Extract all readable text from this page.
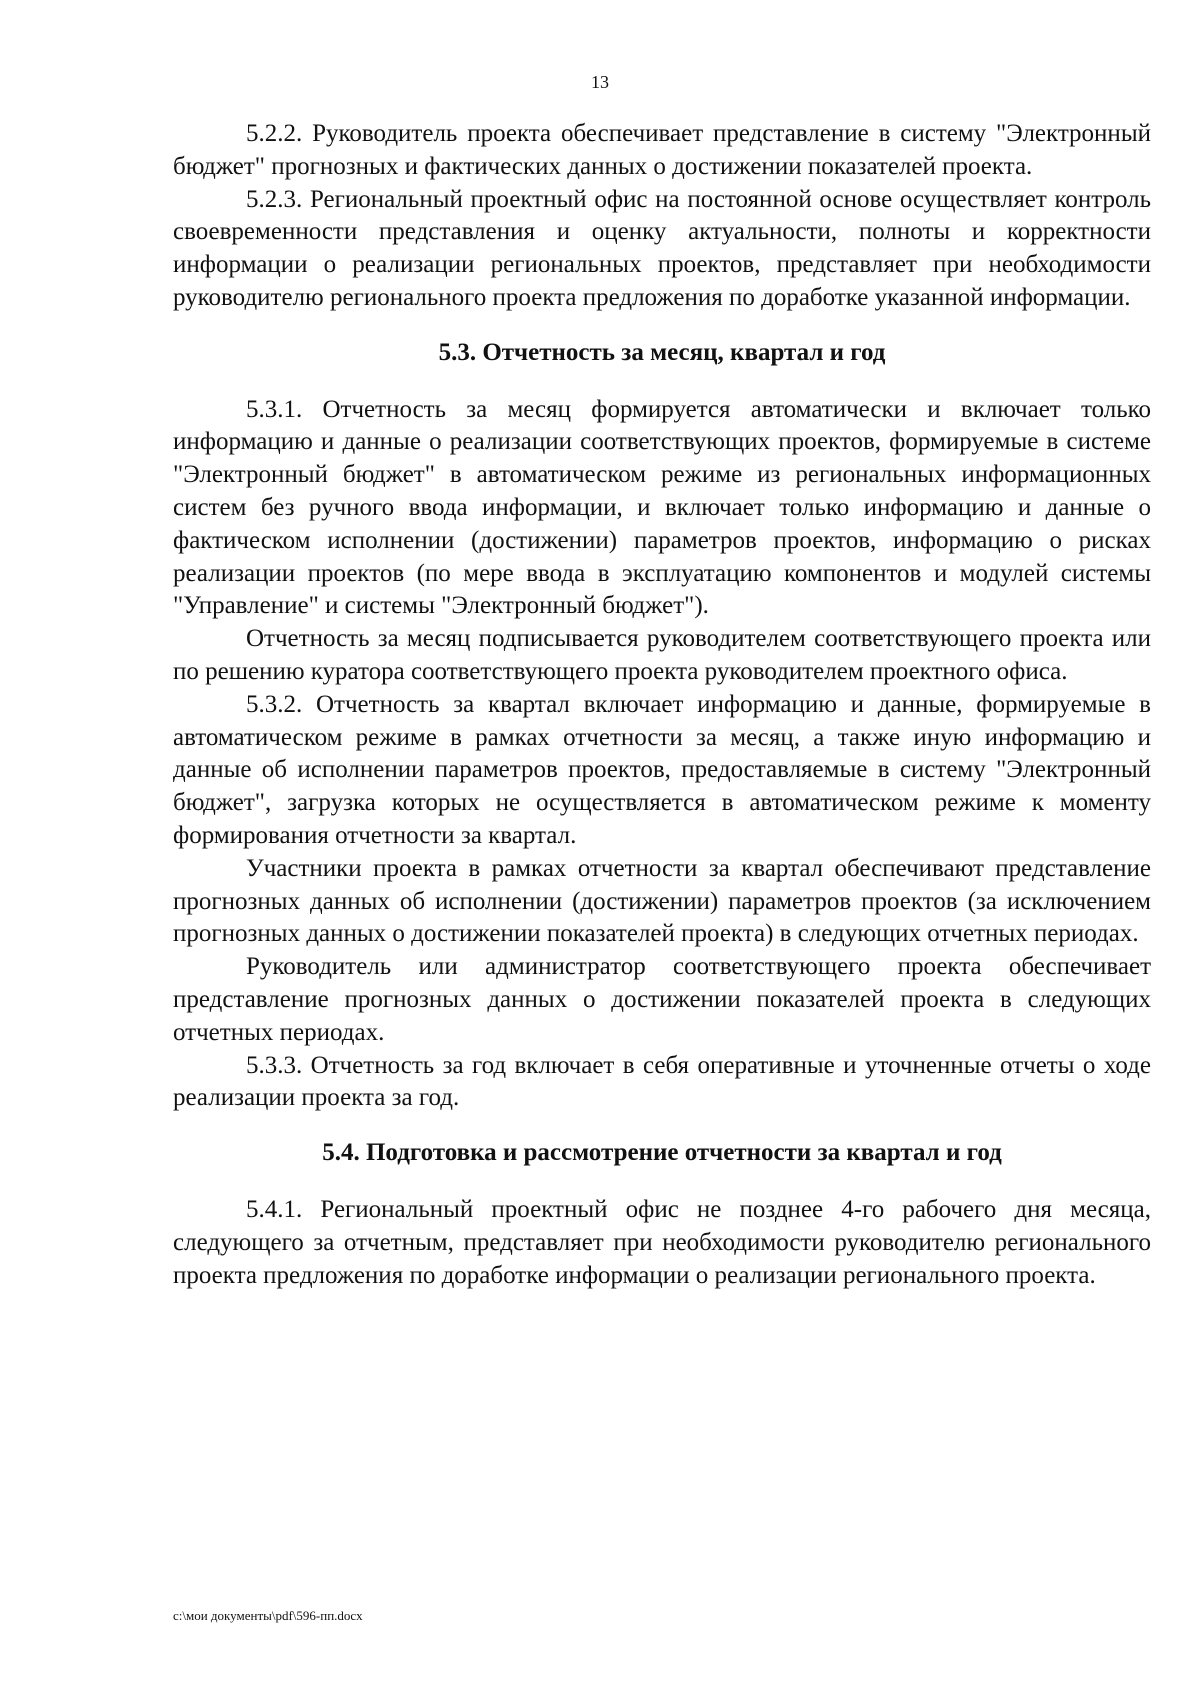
13

5.2.2. Руководитель проекта обеспечивает представление в систему "Электронный бюджет" прогнозных и фактических данных о достижении показателей проекта.

5.2.3. Региональный проектный офис на постоянной основе осуществляет контроль своевременности представления и оценку актуальности, полноты и корректности информации о реализации региональных проектов, представляет при необходимости руководителю регионального проекта предложения по доработке указанной информации.

5.3. Отчетность за месяц, квартал и год

5.3.1. Отчетность за месяц формируется автоматически и включает только информацию и данные о реализации соответствующих проектов, формируемые в системе "Электронный бюджет" в автоматическом режиме из региональных информационных систем без ручного ввода информации, и включает только информацию и данные о фактическом исполнении (достижении) параметров проектов, информацию о рисках реализации проектов (по мере ввода в эксплуатацию компонентов и модулей системы "Управление" и системы "Электронный бюджет").

Отчетность за месяц подписывается руководителем соответствующего проекта или по решению куратора соответствующего проекта руководителем проектного офиса.

5.3.2. Отчетность за квартал включает информацию и данные, формируемые в автоматическом режиме в рамках отчетности за месяц, а также иную информацию и данные об исполнении параметров проектов, предоставляемые в систему "Электронный бюджет", загрузка которых не осуществляется в автоматическом режиме к моменту формирования отчетности за квартал.

Участники проекта в рамках отчетности за квартал обеспечивают представление прогнозных данных об исполнении (достижении) параметров проектов (за исключением прогнозных данных о достижении показателей проекта) в следующих отчетных периодах.

Руководитель или администратор соответствующего проекта обеспечивает представление прогнозных данных о достижении показателей проекта в следующих отчетных периодах.

5.3.3. Отчетность за год включает в себя оперативные и уточненные отчеты о ходе реализации проекта за год.

5.4. Подготовка и рассмотрение отчетности за квартал и год

5.4.1. Региональный проектный офис не позднее 4-го рабочего дня месяца, следующего за отчетным, представляет при необходимости руководителю регионального проекта предложения по доработке информации о реализации регионального проекта.

c:\мои документы\pdf\596-пп.docx
